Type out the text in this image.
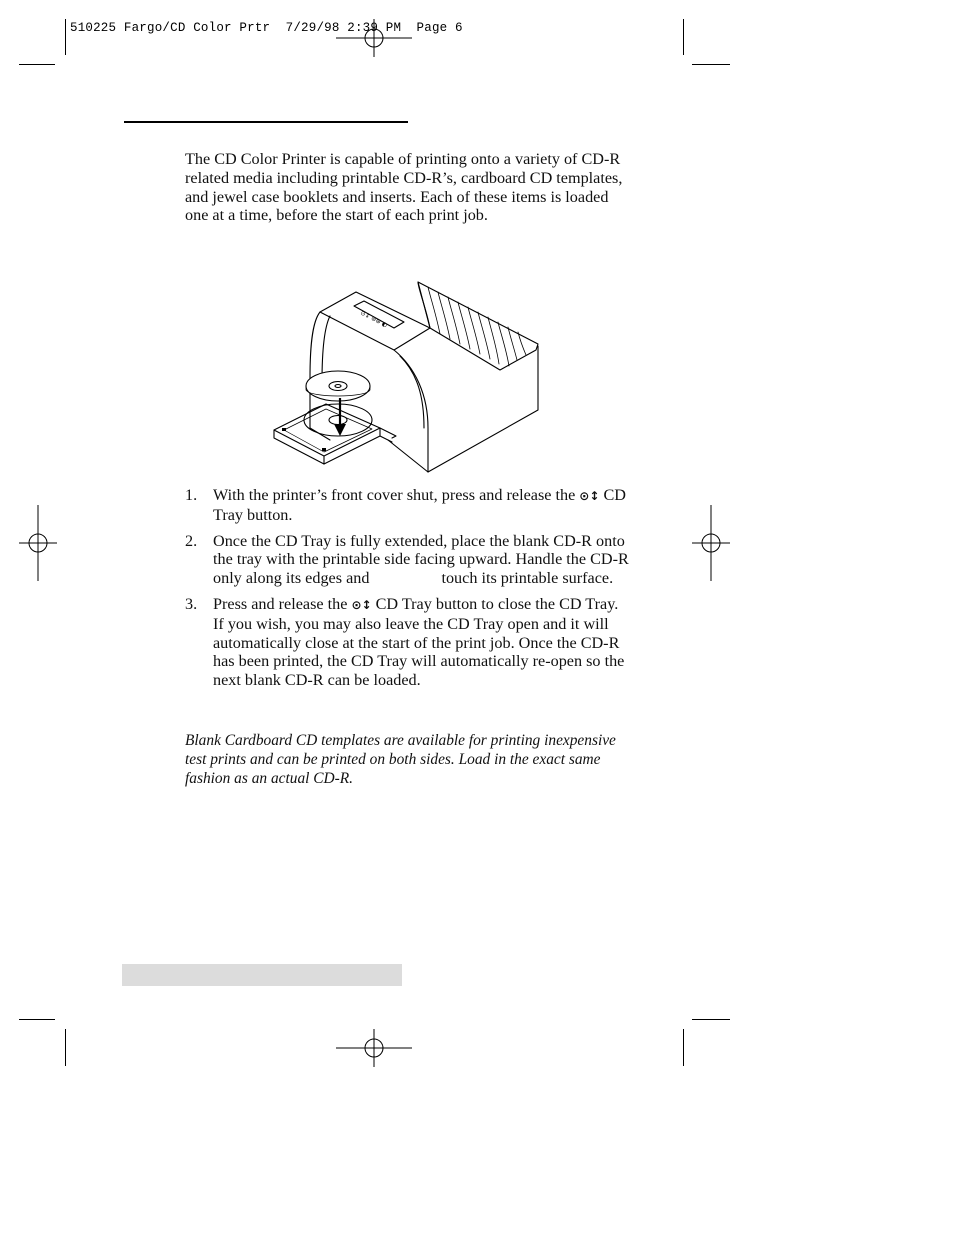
510225 Fargo/CD Color Prtr  7/29/98 2:39 PM  Page 6

The CD Color Printer is capable of printing onto a variety of CD-R related media including printable CD-R’s, cardboard CD templates, and jewel case booklets and inserts. Each of these items is loaded one at a time, before the start of each print job.

⊙↕ ⊚⊛ ◐
1. With the printer’s front cover shut, press and release the ⊙↕ CD Tray button.
2. Once the CD Tray is fully extended, place the blank CD-R onto the tray with the printable side facing upward. Handle the CD-R only along its edges and	touch its printable surface.
3. Press and release the ⊙↕ CD Tray button to close the CD Tray. If you wish, you may also leave the CD Tray open and it will automatically close at the start of the print job. Once the CD-R has been printed, the CD Tray will automatically re-open so the next blank CD-R can be loaded.

Blank Cardboard CD templates are available for printing inexpensive test prints and can be printed on both sides. Load in the exact same fashion as an actual CD-R.
